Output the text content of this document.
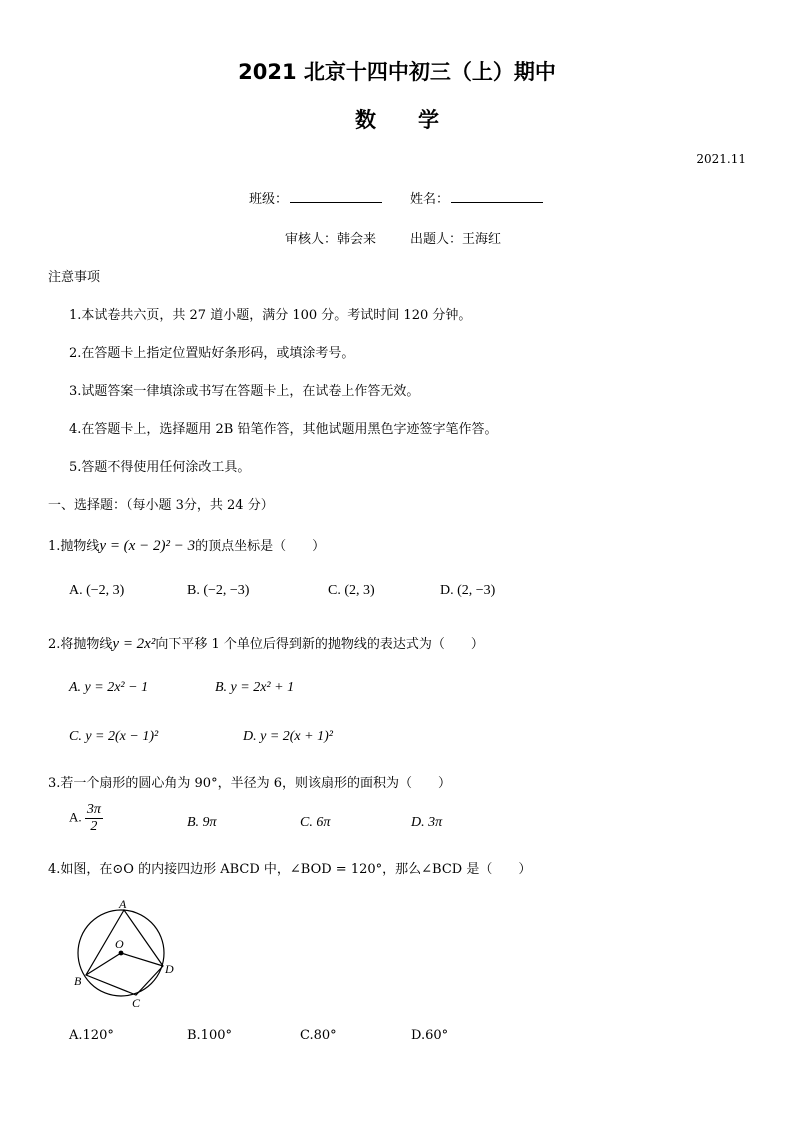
2021 北京十四中初三（上）期中
数学
2021.11
班级：	姓名：
审核人：韩会来	出题人：王海红
注意事项
1.本试卷共六页，共 27 道小题，满分 100 分。考试时间 120 分钟。
2.在答题卡上指定位置贴好条形码，或填涂考号。
3.试题答案一律填涂或书写在答题卡上，在试卷上作答无效。
4.在答题卡上，选择题用 2B 铅笔作答，其他试题用黑色字迹签字笔作答。
5.答题不得使用任何涂改工具。
一、选择题：（每小题 3分，共 24 分）
1.抛物线y = (x − 2)² − 3的顶点坐标是（　　）
A. (−2, 3)	B. (−2, −3)	C. (2, 3)	D. (2, −3)
2.将抛物线y = 2x²向下平移 1 个单位后得到新的抛物线的表达式为（　　）
A. y = 2x² − 1	B. y = 2x² + 1
C. y = 2(x − 1)²	D. y = 2(x + 1)²
3.若一个扇形的圆心角为 90°，半径为 6，则该扇形的面积为（　　）
A. $\frac{3\pi}{2}$	B. 9π	C. 6π	D. 3π
4.如图，在⊙O 的内接四边形 ABCD 中，∠BOD = 120°，那么∠BCD 是（　　）
A
O
B
C
D
A.120°	B.100°	C.80°	D.60°
